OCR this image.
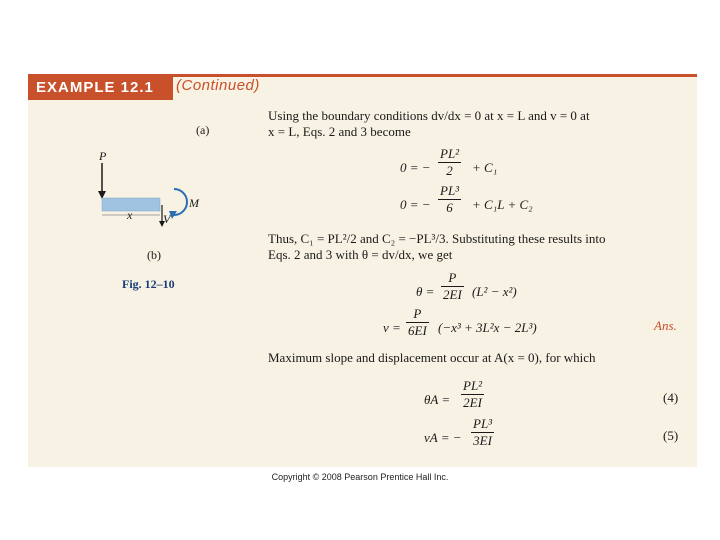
EXAMPLE 12.1	(Continued)
(a)
P
M
V
x
(b)
Fig. 12–10
Using the boundary conditions dv/dx = 0 at x = L and v = 0 at
x = L, Eqs. 2 and 3 become
0 = − $\frac{\text{PL²}}{2} + C_1$
0 = − $\frac{\text{PL³}}{6} + C_1L + C_2$
Thus, C₁ = PL²/2 and C₂ = −PL³/3. Substituting these results into
Eqs. 2 and 3 with θ = dv/dx, we get
$\theta = \frac{P}{2EI} (L^2 - x^2)$
$v = \frac{P}{6EI} (-x^3 + 3L^2x - 2L^3)$	Ans.
Maximum slope and displacement occur at A(x = 0), for which
$\theta A = \frac{\text{PL²}}{2EI}$	(4)
vA = − $\frac{\text{PL³}}{3EI}$	(5)
Copyright © 2008 Pearson Prentice Hall Inc.
